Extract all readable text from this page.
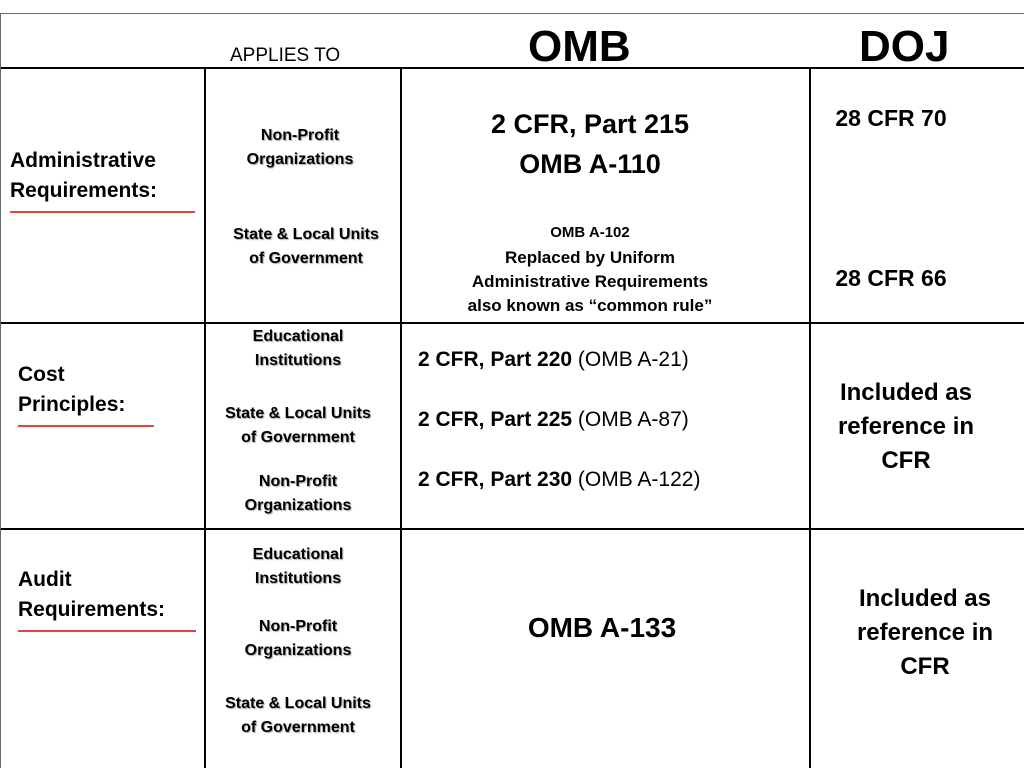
APPLIES TO	OMB	DOJ
Administrative
Requirements:
Non-Profit
Organizations
State & Local Units
of Government
2 CFR, Part 215
OMB A-110
OMB A-102
Replaced by Uniform
Administrative Requirements
also known as “common rule”
28 CFR 70
28 CFR 66
Cost
Principles:
Educational
Institutions
State & Local Units
of Government
Non-Profit
Organizations
2 CFR, Part 220 (OMB A-21)
2 CFR, Part 225 (OMB A-87)
2 CFR, Part 230 (OMB A-122)
Included as
reference in
CFR
Audit
Requirements:
Educational
Institutions
Non-Profit
Organizations
State & Local Units
of Government
OMB A-133
Included as
reference in
CFR
